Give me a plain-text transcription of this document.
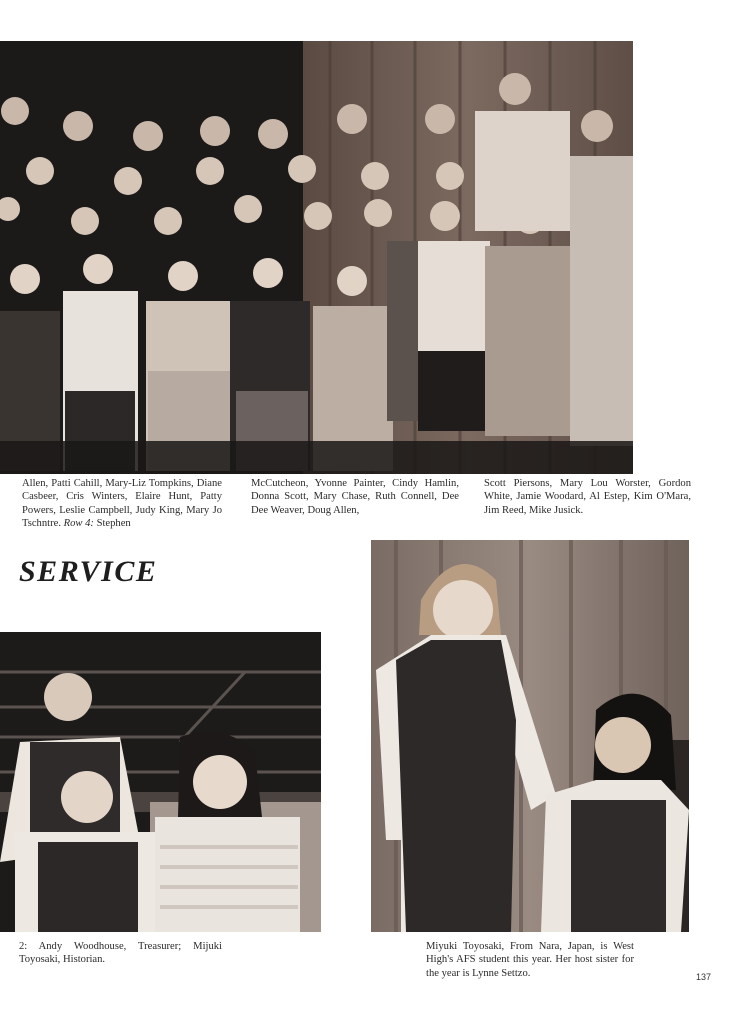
Allen, Patti Cahill, Mary-Liz Tompkins, Diane Casbeer, Cris Winters, Elaire Hunt, Patty Powers, Leslie Campbell, Judy King, Mary Jo Tschntre. Row 4: Stephen
McCutcheon, Yvonne Painter, Cindy Hamlin, Donna Scott, Mary Chase, Ruth Connell, Dee Dee Weaver, Doug Allen,
Scott Piersons, Mary Lou Worster, Gordon White, Jamie Woodard, Al Estep, Kim O'Mara, Jim Reed, Mike Jusick.
SERVICE
2: Andy Woodhouse, Treasurer; Mijuki Toyosaki, Historian.
Miyuki Toyosaki, From Nara, Japan, is West High's AFS student this year. Her host sister for the year is Lynne Settzo.	137
